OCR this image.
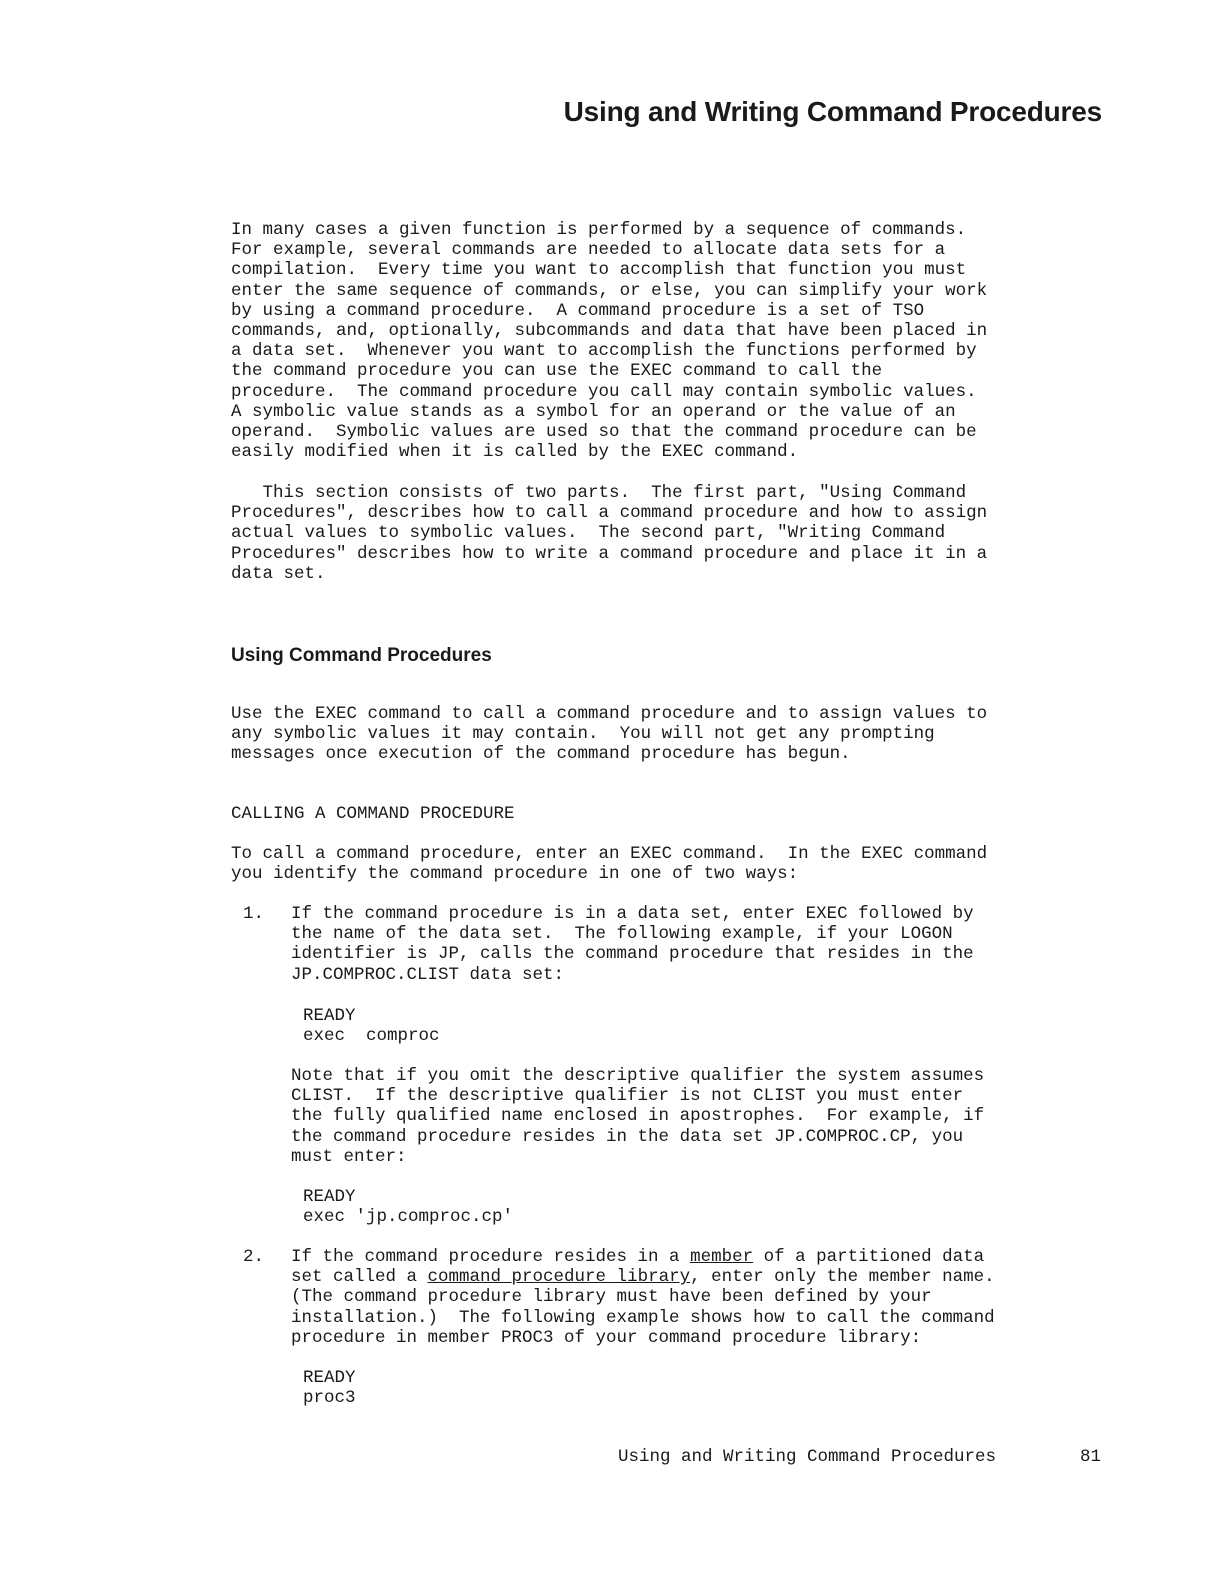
Using and Writing Command Procedures

In many cases a given function is performed by a sequence of commands.
For example, several commands are needed to allocate data sets for a
compilation.  Every time you want to accomplish that function you must
enter the same sequence of commands, or else, you can simplify your work
by using a command procedure.  A command procedure is a set of TSO
commands, and, optionally, subcommands and data that have been placed in
a data set.  Whenever you want to accomplish the functions performed by
the command procedure you can use the EXEC command to call the
procedure.  The command procedure you call may contain symbolic values.
A symbolic value stands as a symbol for an operand or the value of an
operand.  Symbolic values are used so that the command procedure can be
easily modified when it is called by the EXEC command.

This section consists of two parts.  The first part, "Using Command
Procedures", describes how to call a command procedure and how to assign
actual values to symbolic values.  The second part, "Writing Command
Procedures" describes how to write a command procedure and place it in a
data set.

Using Command Procedures

Use the EXEC command to call a command procedure and to assign values to
any symbolic values it may contain.  You will not get any prompting
messages once execution of the command procedure has begun.

CALLING A COMMAND PROCEDURE

To call a command procedure, enter an EXEC command.  In the EXEC command
you identify the command procedure in one of two ways:

1. If the command procedure is in a data set, enter EXEC followed by
the name of the data set.  The following example, if your LOGON
identifier is JP, calls the command procedure that resides in the
JP.COMPROC.CLIST data set:

READY
exec  comproc

Note that if you omit the descriptive qualifier the system assumes
CLIST.  If the descriptive qualifier is not CLIST you must enter
the fully qualified name enclosed in apostrophes.  For example, if
the command procedure resides in the data set JP.COMPROC.CP, you
must enter:

READY
exec 'jp.comproc.cp'

2. If the command procedure resides in a member of a partitioned data
set called a command procedure library, enter only the member name.
(The command procedure library must have been defined by your
installation.)  The following example shows how to call the command
procedure in member PROC3 of your command procedure library:

READY
proc3

Using and Writing Command Procedures	81
